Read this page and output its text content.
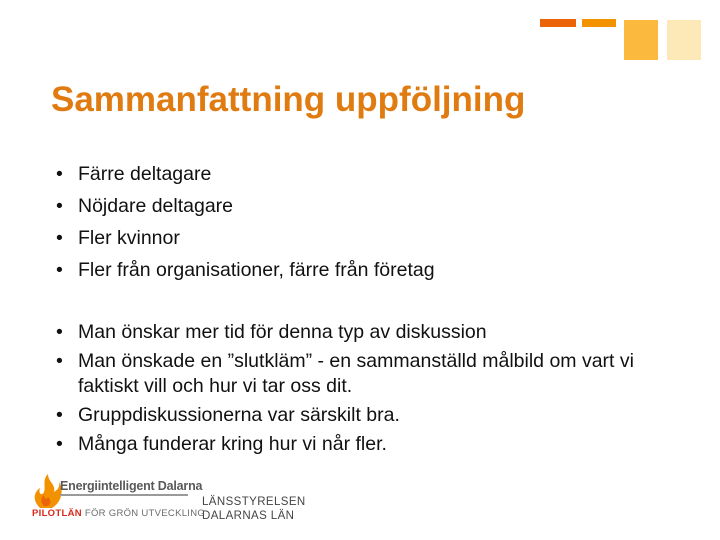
Sammanfattning uppföljning
• Färre deltagare
• Nöjdare deltagare
• Fler kvinnor
• Fler från organisationer, färre från företag
• Man önskar mer tid för denna typ av diskussion
• Man önskade en ”slutkläm” - en sammanställd målbild om vart vi faktiskt vill och hur vi tar oss dit.
• Gruppdiskussionerna var särskilt bra.
• Många funderar kring hur vi når fler.
Energiintelligent Dalarna
PILOTLÄN FÖR GRÖN UTVECKLING
LÄNSSTYRELSEN
DALARNAS LÄN
